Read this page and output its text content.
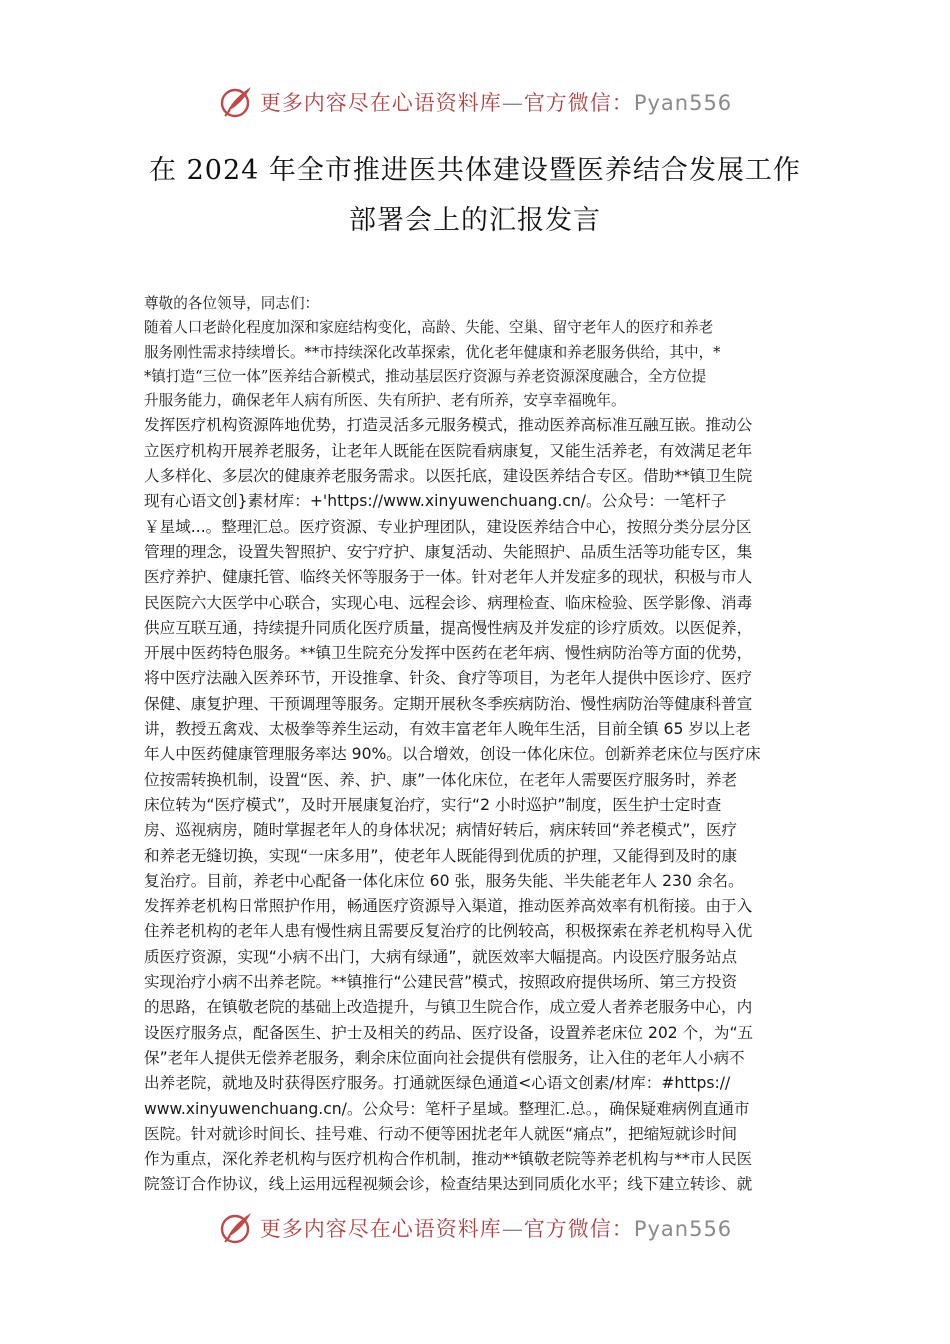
更多内容尽在心语资料库—官方微信：Pyan556
在 2024 年全市推进医共体建设暨医养结合发展工作
部署会上的汇报发言
尊敬的各位领导，同志们：
随着人口老龄化程度加深和家庭结构变化，高龄、失能、空巢、留守老年人的医疗和养老
服务刚性需求持续增长。**市持续深化改革探索，优化老年健康和养老服务供给，其中，*
*镇打造“三位一体”医养结合新模式，推动基层医疗资源与养老资源深度融合，全方位提
升服务能力，确保老年人病有所医、失有所护、老有所养，安享幸福晚年。
发挥医疗机构资源阵地优势，打造灵活多元服务模式，推动医养高标准互融互嵌。推动公
立医疗机构开展养老服务，让老年人既能在医院看病康复，又能生活养老，有效满足老年
人多样化、多层次的健康养老服务需求。以医托底，建设医养结合专区。借助**镇卫生院
现有心语文创}素材库：+'https://www.xinyuwenchuang.cn/。公众号：一笔杆子
￥星域...。整理汇总。医疗资源、专业护理团队，建设医养结合中心，按照分类分层分区
管理的理念，设置失智照护、安宁疗护、康复活动、失能照护、品质生活等功能专区，集
医疗养护、健康托管、临终关怀等服务于一体。针对老年人并发症多的现状，积极与市人
民医院六大医学中心联合，实现心电、远程会诊、病理检查、临床检验、医学影像、消毒
供应互联互通，持续提升同质化医疗质量，提高慢性病及并发症的诊疗质效。以医促养，
开展中医药特色服务。**镇卫生院充分发挥中医药在老年病、慢性病防治等方面的优势，
将中医疗法融入医养环节，开设推拿、针灸、食疗等项目，为老年人提供中医诊疗、医疗
保健、康复护理、干预调理等服务。定期开展秋冬季疾病防治、慢性病防治等健康科普宣
讲，教授五禽戏、太极拳等养生运动，有效丰富老年人晚年生活，目前全镇 65 岁以上老
年人中医药健康管理服务率达 90%。以合增效，创设一体化床位。创新养老床位与医疗床
位按需转换机制，设置“医、养、护、康”一体化床位，在老年人需要医疗服务时，养老
床位转为“医疗模式”，及时开展康复治疗，实行“2 小时巡护”制度，医生护士定时查
房、巡视病房，随时掌握老年人的身体状况；病情好转后，病床转回“养老模式”，医疗
和养老无缝切换，实现“一床多用”，使老年人既能得到优质的护理，又能得到及时的康
复治疗。目前，养老中心配备一体化床位 60 张，服务失能、半失能老年人 230 余名。
发挥养老机构日常照护作用，畅通医疗资源导入渠道，推动医养高效率有机衔接。由于入
住养老机构的老年人患有慢性病且需要反复治疗的比例较高，积极探索在养老机构导入优
质医疗资源，实现“小病不出门，大病有绿通”，就医效率大幅提高。内设医疗服务站点
实现治疗小病不出养老院。**镇推行“公建民营”模式，按照政府提供场所、第三方投资
的思路，在镇敬老院的基础上改造提升，与镇卫生院合作，成立爱人者养老服务中心，内
设医疗服务点，配备医生、护士及相关的药品、医疗设备，设置养老床位 202 个，为“五
保”老年人提供无偿养老服务，剩余床位面向社会提供有偿服务，让入住的老年人小病不
出养老院，就地及时获得医疗服务。打通就医绿色通道<心语文创素/材库：#https://
www.xinyuwenchuang.cn/。公众号：笔杆子星域。整理汇.总。，确保疑难病例直通市
医院。针对就诊时间长、挂号难、行动不便等困扰老年人就医“痛点”，把缩短就诊时间
作为重点，深化养老机构与医疗机构合作机制，推动**镇敬老院等养老机构与**市人民医
院签订合作协议，线上运用远程视频会诊，检查结果达到同质化水平；线下建立转诊、就
更多内容尽在心语资料库—官方微信：Pyan556
